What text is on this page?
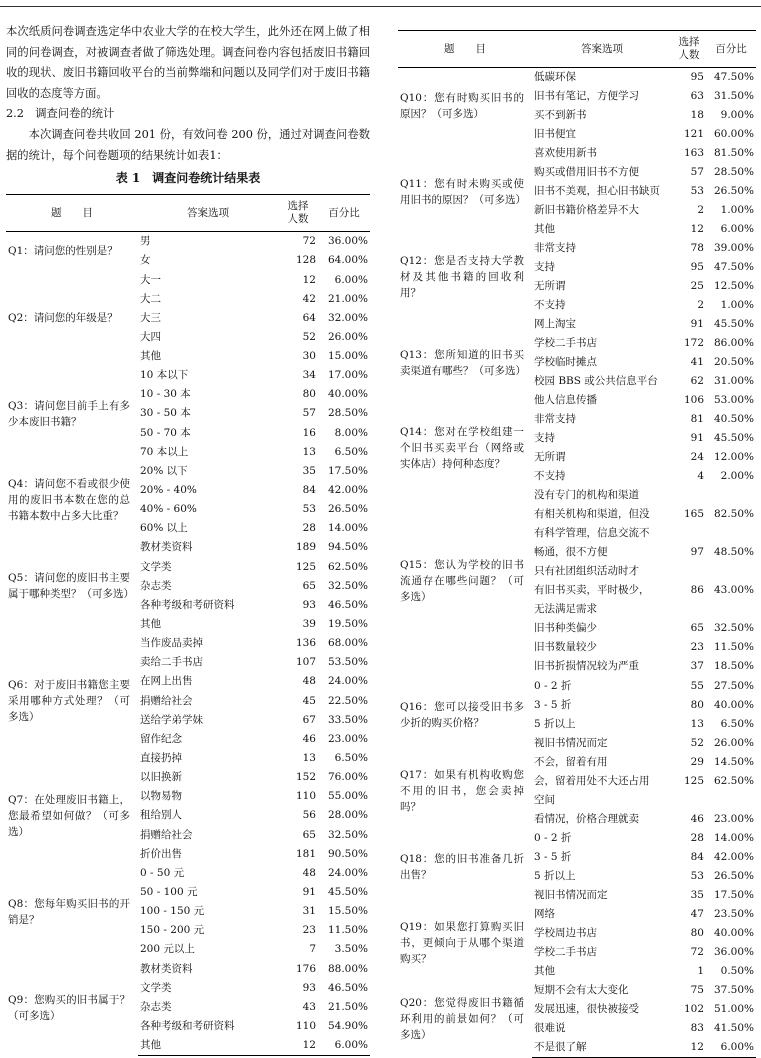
本次纸质问卷调查选定华中农业大学的在校大学生，此外还在网上做了相同的问卷调查，对被调查者做了筛选处理。调查问卷内容包括废旧书籍回收的现状、废旧书籍回收平台的当前弊端和问题以及同学们对于废旧书籍回收的态度等方面。

2.2　调查问卷的统计

本次调查问卷共收回 201 份，有效问卷 200 份，通过对调查问卷数据的统计，每个问卷题项的结果统计如表1：

表 1　调查问卷统计结果表
题　　目	答案选项	选择
人数	百分比
Q1：请问您的性别是？	男	72	36.00%
	女	128	64.00%
Q2：请问您的年级是？	大一	12	6.00%
	大二	42	21.00%
	大三	64	32.00%
	大四	52	26.00%
	其他	30	15.00%
Q3：请问您目前手上有多少本废旧书籍？	10 本以下	34	17.00%
	10 - 30 本	80	40.00%
	30 - 50 本	57	28.50%
	50 - 70 本	16	8.00%
	70 本以上	13	6.50%
Q4：请问您不看或很少使用的废旧书本数在您的总书籍本数中占多大比重？	20% 以下	35	17.50%
	20% - 40%	84	42.00%
	40% - 60%	53	26.50%
	60% 以上	28	14.00%
Q5：请问您的废旧书主要属于哪种类型？（可多选）	教材类资料	189	94.50%
	文学类	125	62.50%
	杂志类	65	32.50%
	各种考级和考研资料	93	46.50%
	其他	39	19.50%
Q6：对于废旧书籍您主要采用哪种方式处理？（可多选）	当作废品卖掉	136	68.00%
	卖给二手书店	107	53.50%
	在网上出售	48	24.00%
	捐赠给社会	45	22.50%
	送给学弟学妹	67	33.50%
	留作纪念	46	23.00%
	直接扔掉	13	6.50%
Q7：在处理废旧书籍上，您最希望如何做？（可多选）	以旧换新	152	76.00%
	以物易物	110	55.00%
	租给别人	56	28.00%
	捐赠给社会	65	32.50%
	折价出售	181	90.50%
Q8：您每年购买旧书的开销是？	0 - 50 元	48	24.00%
	50 - 100 元	91	45.50%
	100 - 150 元	31	15.50%
	150 - 200 元	23	11.50%
	200 元以上	7	3.50%
Q9：您购买的旧书属于？（可多选）	教材类资料	176	88.00%
	文学类	93	46.50%
	杂志类	43	21.50%
	各种考级和考研资料	110	54.90%
	其他	12	6.00%
题　　目	答案选项	选择
人数	百分比
Q10：您有时购买旧书的原因？（可多选）	低碳环保	95	47.50%
	旧书有笔记，方便学习	63	31.50%
	买不到新书	18	9.00%
	旧书便宜	121	60.00%
Q11：您有时未购买或使用旧书的原因？（可多选）	喜欢使用新书	163	81.50%
	购买或借用旧书不方便	57	28.50%
	旧书不美观，担心旧书缺页	53	26.50%
	新旧书籍价格差异不大	2	1.00%
	其他	12	6.00%
Q12：您是否支持大学教材及其他书籍的回收利用？	非常支持	78	39.00%
	支持	95	47.50%
	无所谓	25	12.50%
	不支持	2	1.00%
Q13：您所知道的旧书买卖渠道有哪些？（可多选）	网上淘宝	91	45.50%
	学校二手书店	172	86.00%
	学校临时摊点	41	20.50%
	校园 BBS 或公共信息平台	62	31.00%
	他人信息传播	106	53.00%
Q14：您对在学校组建一个旧书买卖平台（网络或实体店）持何种态度？	非常支持	81	40.50%
	支持	91	45.50%
	无所谓	24	12.00%
	不支持	4	2.00%
Q15：您认为学校的旧书流通存在哪些问题？（可多选）	没有专门的机构和渠道		
	有相关机构和渠道，但没	165	82.50%
	有科学管理，信息交流不		
	畅通，很不方便	97	48.50%
	只有社团组织活动时才		
	有旧书买卖，平时极少，	86	43.00%
	无法满足需求		
	旧书种类偏少	65	32.50%
	旧书数量较少	23	11.50%
	旧书折损情况较为严重	37	18.50%
Q16：您可以接受旧书多少折的购买价格？	0 - 2 折	55	27.50%
	3 - 5 折	80	40.00%
	5 折以上	13	6.50%
	视旧书情况而定	52	26.00%
Q17：如果有机构收购您不用的旧书，您会卖掉吗？	不会，留着有用	29	14.50%
	会，留着用处不大还占用	125	62.50%
	空间		
	看情况，价格合理就卖	46	23.00%
Q18：您的旧书准备几折出售？	0 - 2 折	28	14.00%
	3 - 5 折	84	42.00%
	5 折以上	53	26.50%
	视旧书情况而定	35	17.50%
Q19：如果您打算购买旧书，更倾向于从哪个渠道购买？	网络	47	23.50%
	学校周边书店	80	40.00%
	学校二手书店	72	36.00%
	其他	1	0.50%
Q20：您觉得废旧书籍循环利用的前景如何？（可多选）	短期不会有太大变化	75	37.50%
	发展迅速，很快被接受	102	51.00%
	很难说	83	41.50%
	不是很了解	12	6.00%
